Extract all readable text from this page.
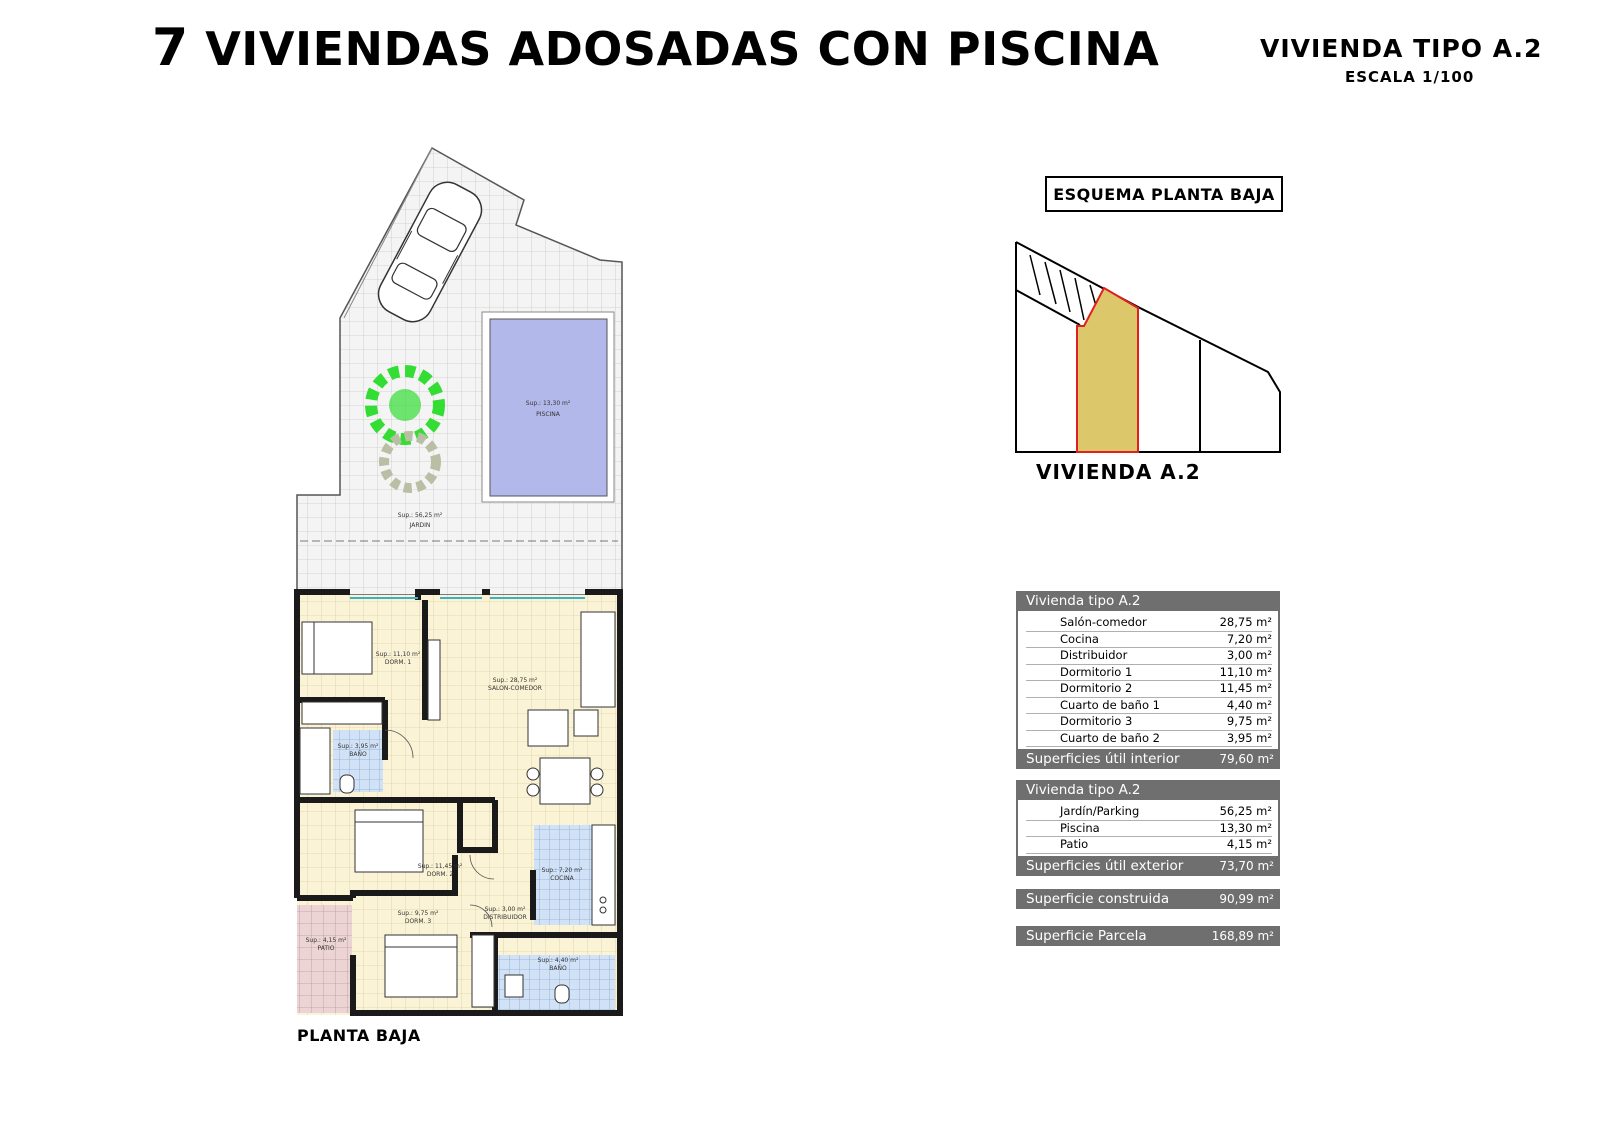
7 VIVIENDAS ADOSADAS CON PISCINA	VIVIENDA TIPO A.2
ESCALA 1/100
Sup.: 13,30 m²
PISCINA
Sup.: 56,25 m²
JARDIN
Sup.: 11,10 m²
DORM. 1
Sup.: 28,75 m²
SALON-COMEDOR
Sup.: 3,95 m²
BAÑO
Sup.: 11,45 m²
DORM. 2
Sup.: 7,20 m²
COCINA
Sup.: 9,75 m²
DORM. 3
Sup.: 3,00 m²
DISTRIBUIDOR
Sup.: 4,15 m²
PATIO
Sup.: 4,40 m²
BAÑO
ESQUEMA PLANTA BAJA
VIVIENDA A.2
PLANTA BAJA
Vivienda tipo A.2
Salón-comedor	28,75 m²
Cocina	7,20 m²
Distribuidor	3,00 m²
Dormitorio 1	11,10 m²
Dormitorio 2	11,45 m²
Cuarto de baño 1	4,40 m²
Dormitorio 3	9,75 m²
Cuarto de baño 2	3,95 m²
Superficies útil interior	79,60 m²
Vivienda tipo A.2
Jardín/Parking	56,25 m²
Piscina	13,30 m²
Patio	4,15 m²
Superficies útil exterior	73,70 m²
Superficie construida	90,99 m²
Superficie Parcela	168,89 m²
